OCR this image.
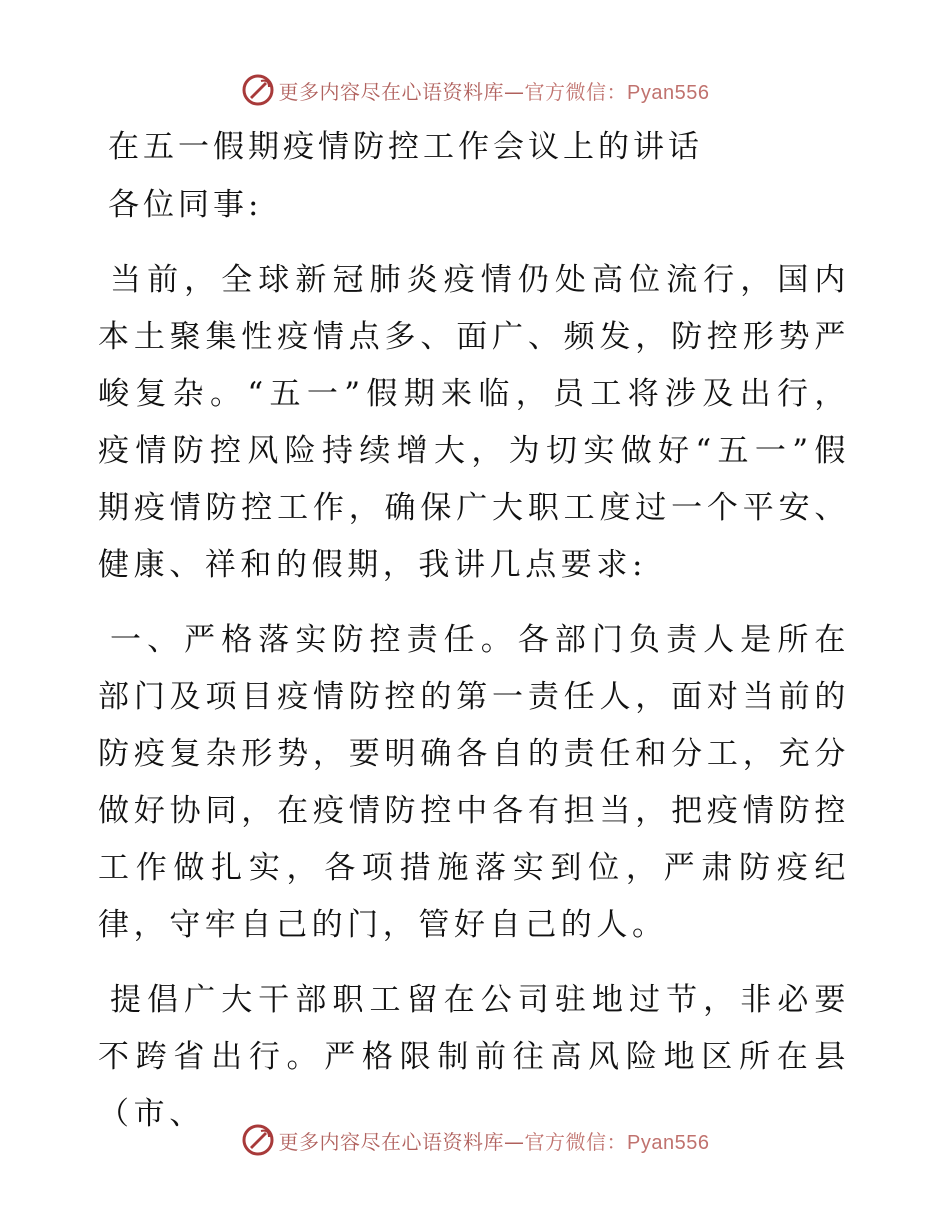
更多内容尽在心语资料库—官方微信：Pyan556
在五一假期疫情防控工作会议上的讲话
各位同事:

当前，全球新冠肺炎疫情仍处高位流行，国内本土聚集性疫情点多、面广、频发，防控形势严峻复杂。“五一”假期来临，员工将涉及出行，疫情防控风险持续增大，为切实做好“五一”假期疫情防控工作，确保广大职工度过一个平安、健康、祥和的假期，我讲几点要求:

一、严格落实防控责任。各部门负责人是所在部门及项目疫情防控的第一责任人，面对当前的防疫复杂形势，要明确各自的责任和分工，充分做好协同，在疫情防控中各有担当，把疫情防控工作做扎实，各项措施落实到位，严肃防疫纪律，守牢自己的门，管好自己的人。

提倡广大干部职工留在公司驻地过节，非必要不跨省出行。严格限制前往高风险地区所在县（市、

更多内容尽在心语资料库—官方微信：Pyan556
